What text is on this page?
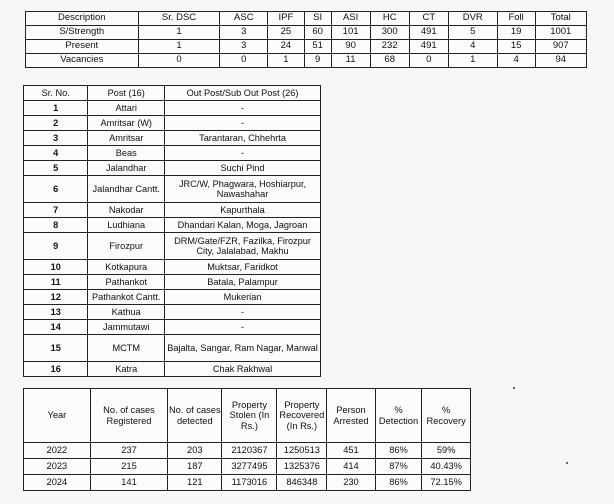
Description	Sr. DSC	ASC	IPF	SI	ASI	HC	CT	DVR	Foll	Total
S/Strength	1	3	25	60	101	300	491	5	19	1001
Present	1	3	24	51	90	232	491	4	15	907
Vacancies	0	0	1	9	11	68	0	1	4	94
Sr. No.	Post (16)	Out Post/Sub Out Post (26)
1	Attari	-
2	Amritsar (W)	-
3	Amritsar	Tarantaran, Chhehrta
4	Beas	-
5	Jalandhar	Suchi Pind
6	Jalandhar Cantt.	JRC/W, Phagwara, Hoshiarpur, Nawashahar
7	Nakodar	Kapurthala
8	Ludhiana	Dhandari Kalan, Moga, Jagroan
9	Firozpur	DRM/Gate/FZR, Fazilka, Firozpur City, Jalalabad, Makhu
10	Kotkapura	Muktsar, Faridkot
11	Pathankot	Batala, Palampur
12	Pathankot Cantt.	Mukerian
13	Kathua	-
14	Jammutawi	-
15	MCTM	Bajalta, Sangar, Ram Nagar, Manwal
16	Katra	Chak Rakhwal
Year	No. of cases Registered	No. of cases detected	Property Stolen (In Rs.)	Property Recovered (In Rs.)	Person Arrested	% Detection	% Recovery
2022	237	203	2120367	1250513	451	86%	59%
2023	215	187	3277495	1325376	414	87%	40.43%
2024	141	121	1173016	846348	230	86%	72.15%
